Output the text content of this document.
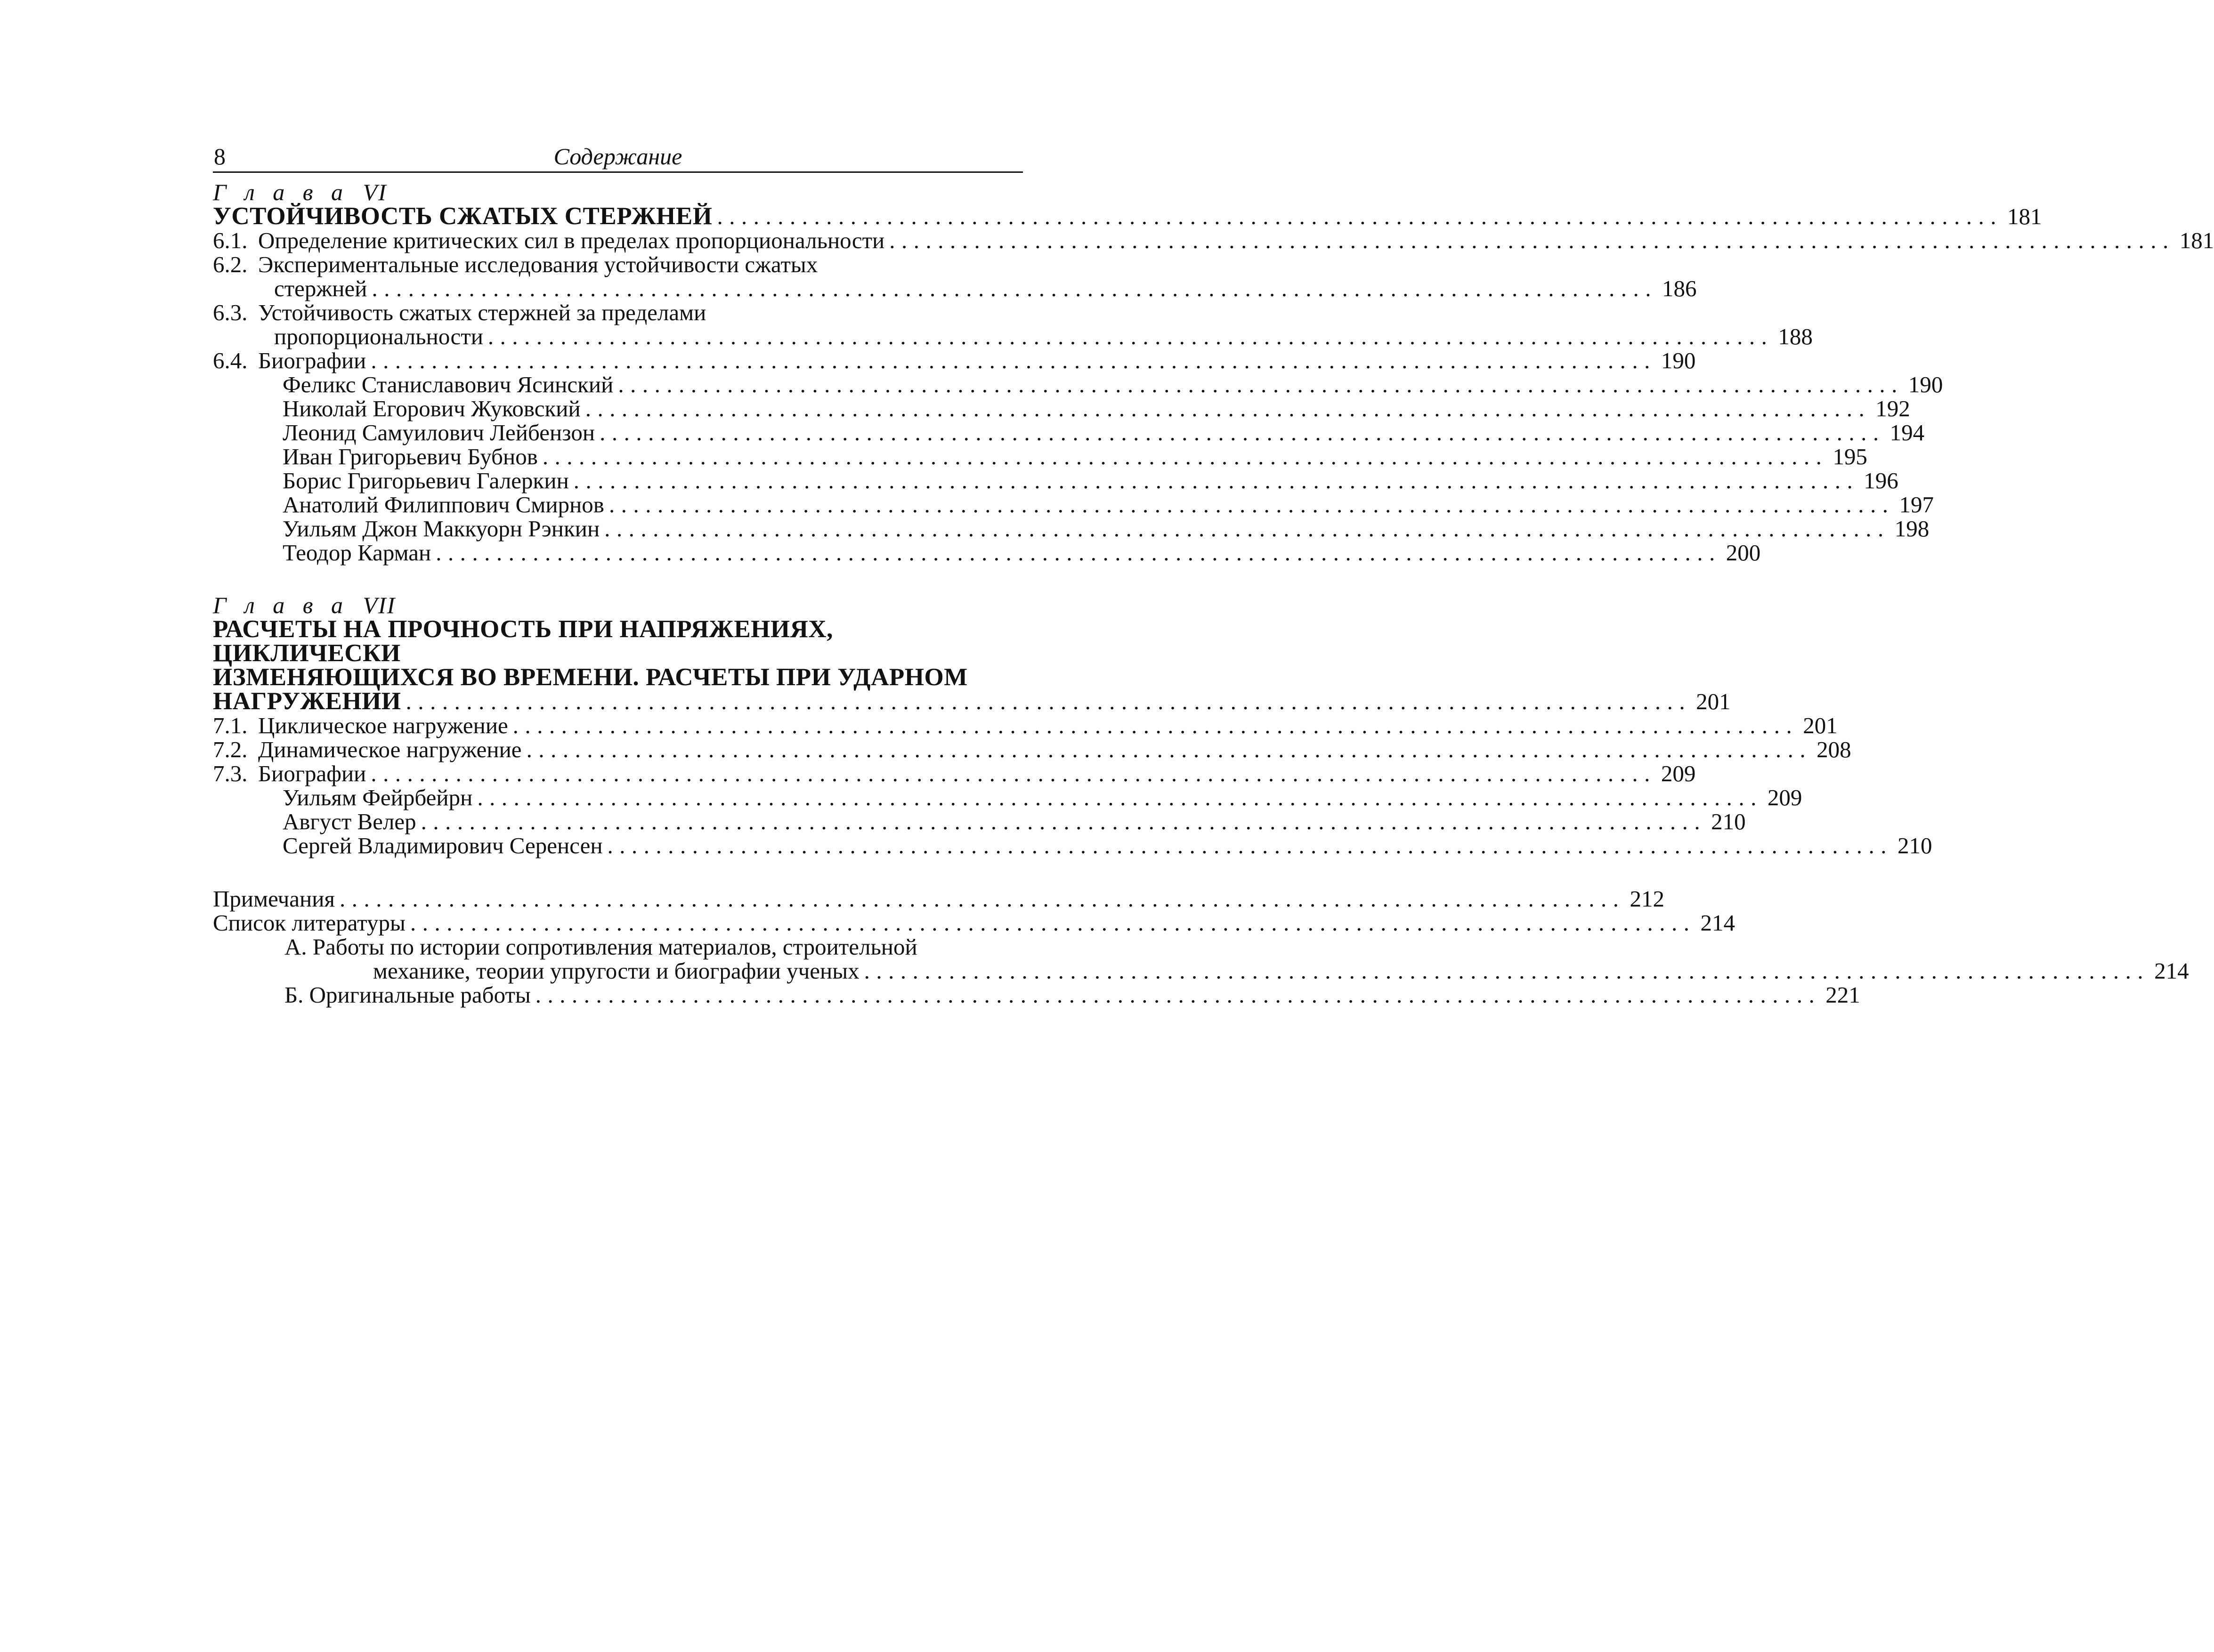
8	Содержание
Г л а в а VI
УСТОЙЧИВОСТЬ СЖАТЫХ СТЕРЖНЕЙ .......................................................................................................... 181
6.1. Определение критических сил в пределах пропорциональности .......................................................................................................... 181
6.2. Экспериментальные исследования устойчивости сжатых
стержней .......................................................................................................... 186
6.3. Устойчивость сжатых стержней за пределами
пропорциональности .......................................................................................................... 188
6.4. Биографии .......................................................................................................... 190
Феликс Станиславович Ясинский .......................................................................................................... 190
Николай Егорович Жуковский .......................................................................................................... 192
Леонид Самуилович Лейбензон .......................................................................................................... 194
Иван Григорьевич Бубнов .......................................................................................................... 195
Борис Григорьевич Галеркин .......................................................................................................... 196
Анатолий Филиппович Смирнов .......................................................................................................... 197
Уильям Джон Маккуорн Рэнкин .......................................................................................................... 198
Теодор Карман .......................................................................................................... 200
Г л а в а VII
РАСЧЕТЫ НА ПРОЧНОСТЬ ПРИ НАПРЯЖЕНИЯХ, ЦИКЛИЧЕСКИ
ИЗМЕНЯЮЩИХСЯ ВО ВРЕМЕНИ. РАСЧЕТЫ ПРИ УДАРНОМ
НАГРУЖЕНИИ .......................................................................................................... 201
7.1. Циклическое нагружение .......................................................................................................... 201
7.2. Динамическое нагружение .......................................................................................................... 208
7.3. Биографии .......................................................................................................... 209
Уильям Фейрбейрн .......................................................................................................... 209
Август Велер .......................................................................................................... 210
Сергей Владимирович Серенсен .......................................................................................................... 210
Примечания .......................................................................................................... 212
Список литературы .......................................................................................................... 214
А. Работы по истории сопротивления материалов, строительной
механике, теории упругости и биографии ученых .......................................................................................................... 214
Б. Оригинальные работы .......................................................................................................... 221
